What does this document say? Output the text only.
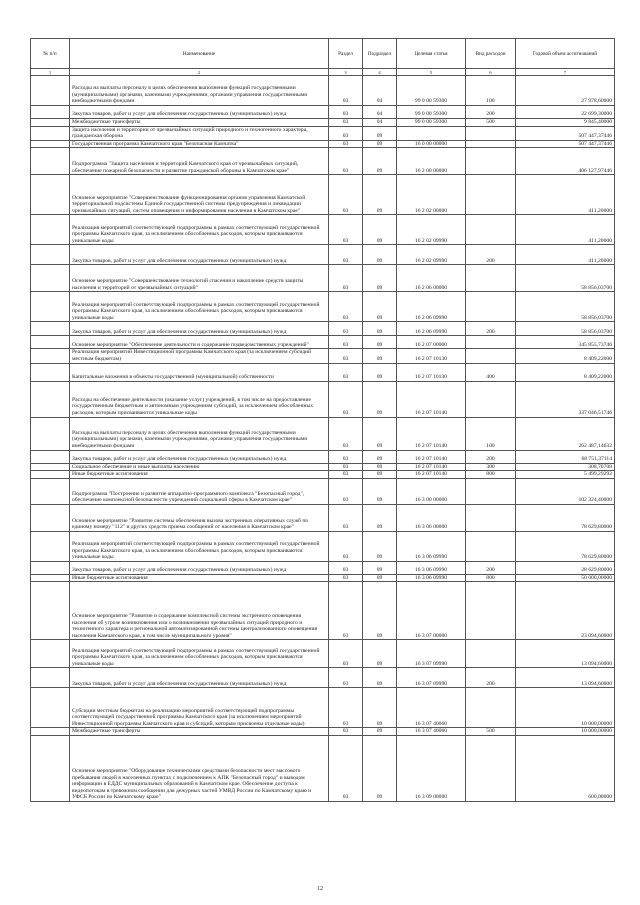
№ п/п	Наименование	Раздел	Подраздел	Целевая статья	Вид расходов	Годовой объем ассигнований
1	2	3	4	5	6	7
	Расходы на выплаты персоналу в целях обеспечения выполнения функций государственными (муниципальными) органами, казенными учреждениями, органами управления государственными внебюджетными фондами	03	04	99 0 00 59300	100	27 978,60000
	Закупка товаров, работ и услуг для обеспечения государственных (муниципальных) нужд	03	04	99 0 00 59300	200	22 699,30000
	Межбюджетные трансферты	03	04	99 0 00 59300	500	9 845,40000
	Защита населения и территории от чрезвычайных ситуаций природного и техногенного характера, гражданская оборона	03	09			507 447,37446
	Государственная программа Камчатского края "Безопасная Камчатка"	03	09	16 0 00 00000		507 447,37446
	Подпрограмма "Защита населения и территорий Камчатского края от чрезвычайных ситуаций, обеспечение пожарной безопасности и развитие гражданской обороны в Камчатском крае"	03	09	16 2 00 00000		406 127,97446
	Основное мероприятие "Совершенствование функционирования органов управления Камчатской территориальной подсистемы Единой государственной системы предупреждения и ликвидации чрезвычайных ситуаций, систем оповещения и информирования населения в Камчатском крае"	03	09	16 2 02 00000		411,20000
	Реализация мероприятий соответствующей подпрограммы в рамках соответствующей государственной программы Камчатского края, за исключением обособленных расходов, которым присваиваются уникальные коды	03	09	16 2 02 09990		411,20000
	Закупка товаров, работ и услуг для обеспечения государственных (муниципальных) нужд	03	09	16 2 02 09990	200	411,20000
	Основное мероприятие "Совершенствование технологий спасения и накопление средств защиты населения и территорий от чрезвычайных ситуаций"	03	09	16 2 06 00000		58 856,03700
	Реализация мероприятий соответствующей подпрограммы в рамках соответствующей государственной программы Камчатского края, за исключением обособленных расходов, которым присваиваются уникальные коды	03	09	16 2 06 09990		58 856,03700
	Закупка товаров, работ и услуг для обеспечения государственных (муниципальных) нужд	03	09	16 2 06 09990	200	58 856,03700
	Основное мероприятие "Обеспечение деятельности и содержание подведомственных учреждений"	03	09	16 2 07 00000		345 855,73746
	Реализация мероприятий Инвестиционной программы Камчатского края (за исключением субсидий местным бюджетам)	03	09	16 2 07 10130		8 409,22000
	Капитальные вложения в объекты государственной (муниципальной) собственности	03	09	16 2 07 10130	400	8 409,22000
	Расходы на обеспечение деятельности (оказание услуг) учреждений, в том числе на предоставление государственным бюджетным и автономным учреждениям субсидий, за исключением обособленных расходов, которым присваиваются уникальные коды	03	09	16 2 07 10140		337 046,51746
	Расходы на выплаты персоналу в целях обеспечения выполнения функций государственными (муниципальными) органами, казенными учреждениями, органами управления государственными внебюджетными фондами	03	09	16 2 07 10140	100	262 487,14632
	Закупка товаров, работ и услуг для обеспечения государственных (муниципальных) нужд	03	09	16 2 07 10140	200	68 751,37114
	Социальное обеспечение и иные выплаты населению	03	09	16 2 07 10140	300	308,70708
	Иные бюджетные ассигнования	03	09	16 2 07 10140	800	5 499,29292
	Подпрограмма "Построение и развитие аппаратно-программного комплекса "Безопасный город", обеспечение комплексной безопасности учреждений социальной сферы в Камчатском крае"	03	09	16 3 00 00000		102 324,40000
	Основное мероприятие "Развитие системы обеспечения вызова экстренных оперативных служб по единому номеру "112" и других средств приема сообщений от населения в Камчатском крае"	03	09	16 3 06 00000		78 629,80000
	Реализация мероприятий соответствующей подпрограммы в рамках соответствующей государственной программы Камчатского края, за исключением обособленных расходов, которым присваиваются уникальные коды	03	09	16 3 06 09990		78 629,80000
	Закупка товаров, работ и услуг для обеспечения государственных (муниципальных) нужд	03	09	16 3 06 09990	200	28 629,80000
	Иные бюджетные ассигнования	03	09	16 3 06 09990	800	50 000,00000
	Основное мероприятие "Развитие и содержание комплексной системы экстренного оповещения населения об угрозе возникновения или о возникновении чрезвычайных ситуаций природного и техногенного характера и региональной автоматизированной системы централизованного оповещения населения Камчатского края, в том числе муниципального уровня"	03	09	16 3 07 00000		23 094,60000
	Реализация мероприятий соответствующей подпрограммы в рамках соответствующей государственной программы Камчатского края, за исключением обособленных расходов, которым присваиваются уникальные коды	03	09	16 3 07 09990		13 094,60000
	Закупка товаров, работ и услуг для обеспечения государственных (муниципальных) нужд	03	09	16 3 07 09990	200	13 094,60000
	Субсидии местным бюджетам на реализацию мероприятий соответствующей подпрограммы соответствующей государственной программы Камчатского края (за исключением мероприятий Инвестиционной программы Камчатского края и субсидий, которым присвоены отдельные коды)	03	09	16 3 07 40060		10 000,00000
	Межбюджетные трансферты	03	09	16 3 07 40060	500	10 000,00000
	Основное мероприятие "Оборудование техническими средствами безопасности мест массового пребывания людей в населенных пунктах с подключением к АПК "Безопасный город" и выводом информации в ЕДДС муниципальных образований в Камчатском крае. Обеспечение доступа к видеопотокам в тревожном сообщении для дежурных частей УМВД России по Камчатскому краю и УФСБ России по Камчатскому краю"	03	09	16 3 09 00000		600,00000
12
